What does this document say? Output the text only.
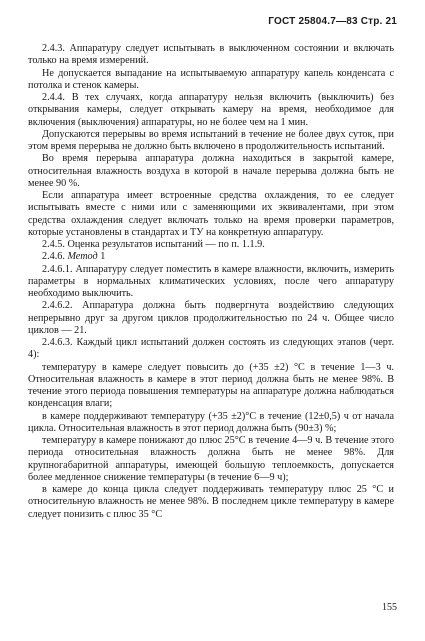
ГОСТ 25804.7—83 Стр. 21

2.4.3. Аппаратуру следует испытывать в выключенном состоянии и включать только на время измерений.

Не допускается выпадание на испытываемую аппаратуру капель конденсата с потолка и стенок камеры.

2.4.4. В тех случаях, когда аппаратуру нельзя включить (выключить) без открывания камеры, следует открывать камеру на время, необходимое для включения (выключения) аппаратуры, но не более чем на 1 мин.

Допускаются перерывы во время испытаний в течение не более двух суток, при этом время перерыва не должно быть включено в продолжительность испытаний.

Во время перерыва аппаратура должна находиться в закрытой камере, относительная влажность воздуха в которой в начале перерыва должна быть не менее 90 %.

Если аппаратура имеет встроенные средства охлаждения, то ее следует испытывать вместе с ними или с заменяющими их эквивалентами, при этом средства охлаждения следует включать только на время проверки параметров, которые установлены в стандартах и ТУ на конкретную аппаратуру.

2.4.5. Оценка результатов испытаний — по п. 1.1.9.

2.4.6. Метод 1

2.4.6.1. Аппаратуру следует поместить в камере влажности, включить, измерить параметры в нормальных климатических условиях, после чего аппаратуру необходимо выключить.

2.4.6.2. Аппаратура должна быть подвергнута воздействию следующих непрерывно друг за другом циклов продолжительностью по 24 ч. Общее число циклов — 21.

2.4.6.3. Каждый цикл испытаний должен состоять из следующих этапов (черт. 4):

температуру в камере следует повысить до (+35 ±2) °С в течение 1—3 ч. Относительная влажность в камере в этот период должна быть не менее 98%. В течение этого периода повышения температуры на аппаратуре должна наблюдаться конденсация влаги;

в камере поддерживают температуру (+35 ±2)°С в течение (12±0,5) ч от начала цикла. Относительная влажность в этот период должна быть (90±3) %;

температуру в камере понижают до плюс 25°С в течение 4—9 ч. В течение этого периода относительная влажность должна быть не менее 98%. Для крупногабаритной аппаратуры, имеющей большую теплоемкость, допускается более медленное снижение температуры (в течение 6—9 ч);

в камере до конца цикла следует поддерживать температуру плюс 25 °С и относительную влажность не менее 98%. В последнем цикле температуру в камере следует понизить с плюс 35 °С

155
